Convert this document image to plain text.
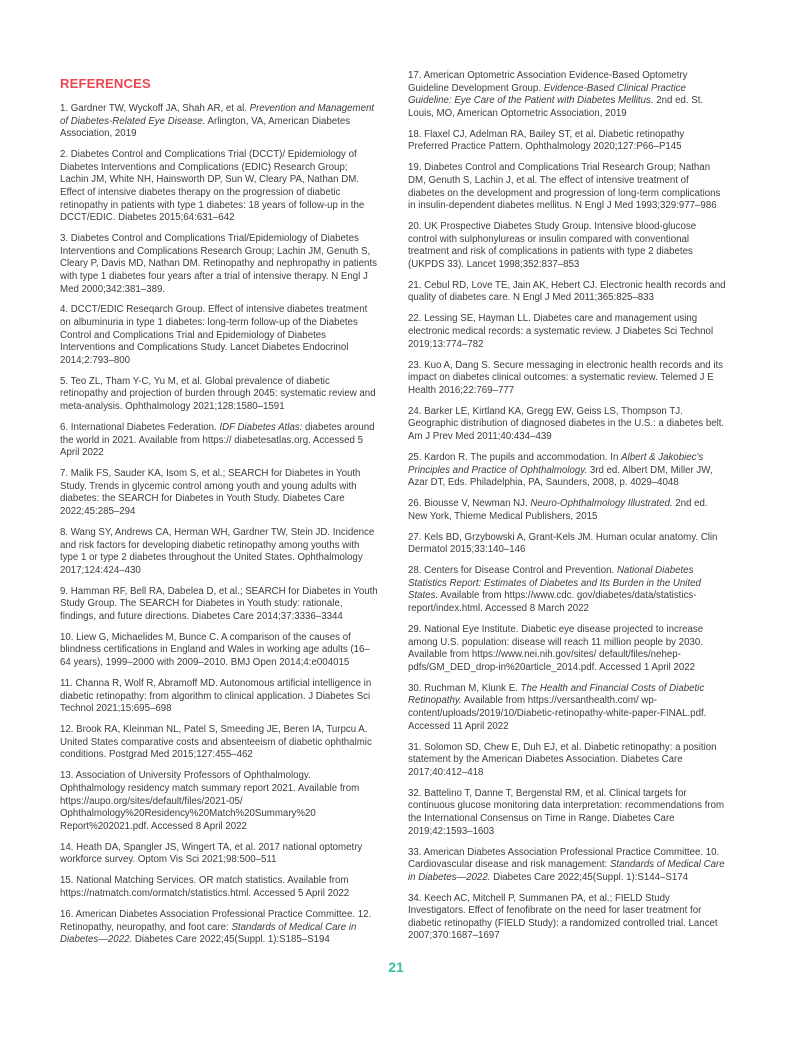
REFERENCES

1. Gardner TW, Wyckoff JA, Shah AR, et al. Prevention and Management of Diabetes-Related Eye Disease. Arlington, VA, American Diabetes Association, 2019

2. Diabetes Control and Complications Trial (DCCT)/ Epidemiology of Diabetes Interventions and Complications (EDIC) Research Group; Lachin JM, White NH, Hainsworth DP, Sun W, Cleary PA, Nathan DM. Effect of intensive diabetes therapy on the progression of diabetic retinopathy in patients with type 1 diabetes: 18 years of follow-up in the DCCT/EDIC. Diabetes 2015;64:631–642

3. Diabetes Control and Complications Trial/Epidemiology of Diabetes Interventions and Complications Research Group; Lachin JM, Genuth S, Cleary P, Davis MD, Nathan DM. Retinopathy and nephropathy in patients with type 1 diabetes four years after a trial of intensive therapy. N Engl J Med 2000;342:381–389.

4. DCCT/EDIC Reseqarch Group. Effect of intensive diabetes treatment on albuminuria in type 1 diabetes: long-term follow-up of the Diabetes Control and Complications Trial and Epidemiology of Diabetes Interventions and Complications Study. Lancet Diabetes Endocrinol 2014;2:793–800

5. Teo ZL, Tham Y-C, Yu M, et al. Global prevalence of diabetic retinopathy and projection of burden through 2045: systematic review and meta-analysis. Ophthalmology 2021;128:1580–1591

6. International Diabetes Federation. IDF Diabetes Atlas: diabetes around the world in 2021. Available from https:// diabetesatlas.org. Accessed 5 April 2022

7. Malik FS, Sauder KA, Isom S, et al.; SEARCH for Diabetes in Youth Study. Trends in glycemic control among youth and young adults with diabetes: the SEARCH for Diabetes in Youth Study. Diabetes Care 2022;45:285–294

8. Wang SY, Andrews CA, Herman WH, Gardner TW, Stein JD. Incidence and risk factors for developing diabetic retinopathy among youths with type 1 or type 2 diabetes throughout the United States. Ophthalmology 2017;124:424–430

9. Hamman RF, Bell RA, Dabelea D, et al.; SEARCH for Diabetes in Youth Study Group. The SEARCH for Diabetes in Youth study: rationale, findings, and future directions. Diabetes Care 2014;37:3336–3344

10. Liew G, Michaelides M, Bunce C. A comparison of the causes of blindness certifications in England and Wales in working age adults (16–64 years), 1999–2000 with 2009–2010. BMJ Open 2014;4:e004015

11. Channa R, Wolf R, Abramoff MD. Autonomous artificial intelligence in diabetic retinopathy: from algorithm to clinical application. J Diabetes Sci Technol 2021;15:695–698

12. Brook RA, Kleinman NL, Patel S, Smeeding JE, Beren IA, Turpcu A. United States comparative costs and absenteeism of diabetic ophthalmic conditions. Postgrad Med 2015;127:455–462

13. Association of University Professors of Ophthalmology. Ophthalmology residency match summary report 2021. Available from https://aupo.org/sites/default/files/2021-05/ Ophthalmology%20Residency%20Match%20Summary%20 Report%202021.pdf. Accessed 8 April 2022

14. Heath DA, Spangler JS, Wingert TA, et al. 2017 national optometry workforce survey. Optom Vis Sci 2021;98:500–511

15. National Matching Services. OR match statistics. Available from https://natmatch.com/ormatch/statistics.html. Accessed 5 April 2022

16. American Diabetes Association Professional Practice Committee. 12. Retinopathy, neuropathy, and foot care: Standards of Medical Care in Diabetes—2022. Diabetes Care 2022;45(Suppl. 1):S185–S194

17. American Optometric Association Evidence-Based Optometry Guideline Development Group. Evidence-Based Clinical Practice Guideline: Eye Care of the Patient with Diabetes Mellitus. 2nd ed. St. Louis, MO, American Optometric Association, 2019

18. Flaxel CJ, Adelman RA, Bailey ST, et al. Diabetic retinopathy Preferred Practice Pattern. Ophthalmology 2020;127:P66–P145

19. Diabetes Control and Complications Trial Research Group; Nathan DM, Genuth S, Lachin J, et al. The effect of intensive treatment of diabetes on the development and progression of long-term complications in insulin-dependent diabetes mellitus. N Engl J Med 1993;329:977–986

20. UK Prospective Diabetes Study Group. Intensive blood-glucose control with sulphonylureas or insulin compared with conventional treatment and risk of complications in patients with type 2 diabetes (UKPDS 33). Lancet 1998;352:837–853

21. Cebul RD, Love TE, Jain AK, Hebert CJ. Electronic health records and quality of diabetes care. N Engl J Med 2011;365:825–833

22. Lessing SE, Hayman LL. Diabetes care and management using electronic medical records: a systematic review. J Diabetes Sci Technol 2019;13:774–782

23. Kuo A, Dang S. Secure messaging in electronic health records and its impact on diabetes clinical outcomes: a systematic review. Telemed J E Health 2016;22:769–777

24. Barker LE, Kirtland KA, Gregg EW, Geiss LS, Thompson TJ. Geographic distribution of diagnosed diabetes in the U.S.: a diabetes belt. Am J Prev Med 2011;40:434–439

25. Kardon R. The pupils and accommodation. In Albert & Jakobiec's Principles and Practice of Ophthalmology. 3rd ed. Albert DM, Miller JW, Azar DT, Eds. Philadelphia, PA, Saunders, 2008, p. 4029–4048

26. Biousse V, Newman NJ. Neuro-Ophthalmology Illustrated. 2nd ed. New York, Thieme Medical Publishers, 2015

27. Kels BD, Grzybowski A, Grant-Kels JM. Human ocular anatomy. Clin Dermatol 2015;33:140–146

28. Centers for Disease Control and Prevention. National Diabetes Statistics Report: Estimates of Diabetes and Its Burden in the United States. Available from https://www.cdc. gov/diabetes/data/statistics-report/index.html. Accessed 8 March 2022

29. National Eye Institute. Diabetic eye disease projected to increase among U.S. population: disease will reach 11 million people by 2030. Available from https://www.nei.nih.gov/sites/ default/files/nehep-pdfs/GM_DED_drop-in%20article_2014.pdf. Accessed 1 April 2022

30. Ruchman M, Klunk E. The Health and Financial Costs of Diabetic Retinopathy. Available from https://versanthealth.com/ wp-content/uploads/2019/10/Diabetic-retinopathy-white-paper-FINAL.pdf. Accessed 11 April 2022

31. Solomon SD, Chew E, Duh EJ, et al. Diabetic retinopathy: a position statement by the American Diabetes Association. Diabetes Care 2017;40:412–418

32. Battelino T, Danne T, Bergenstal RM, et al. Clinical targets for continuous glucose monitoring data interpretation: recommendations from the International Consensus on Time in Range. Diabetes Care 2019;42:1593–1603

33. American Diabetes Association Professional Practice Committee. 10. Cardiovascular disease and risk management: Standards of Medical Care in Diabetes—2022. Diabetes Care 2022;45(Suppl. 1):S144–S174

34. Keech AC, Mitchell P, Summanen PA, et al.; FIELD Study Investigators. Effect of fenofibrate on the need for laser treatment for diabetic retinopathy (FIELD Study): a randomized controlled trial. Lancet 2007;370:1687–1697

21
